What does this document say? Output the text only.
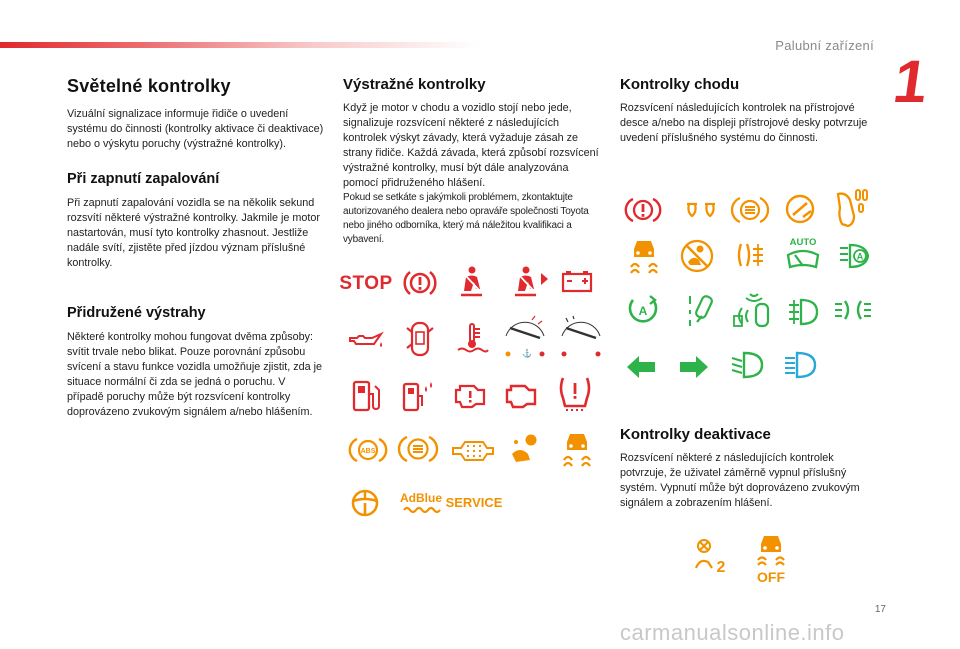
Palubní zařízení
1
Světelné kontrolky

Vizuální signalizace informuje řidiče o uvedení systému do činnosti (kontrolky aktivace či deaktivace) nebo o výskytu poruchy (výstražné kontrolky).

Při zapnutí zapalování

Při zapnutí zapalování vozidla se na několik sekund rozsvítí některé výstražné kontrolky. Jakmile je motor nastartován, musí tyto kontrolky zhasnout. Jestliže nadále svítí, zjistěte před jízdou význam příslušné kontrolky.

Přidružené výstrahy

Některé kontrolky mohou fungovat dvěma způsoby: svítit trvale nebo blikat. Pouze porovnání způsobu svícení a stavu funkce vozidla umožňuje zjistit, zda je situace normální či zda se jedná o poruchu. V případě poruchy může být rozsvícení kontrolky doprovázeno zvukovým signálem a/nebo hlášením.

Výstražné kontrolky

Když je motor v chodu a vozidlo stojí nebo jede, signalizuje rozsvícení některé z následujících kontrolek výskyt závady, která vyžaduje zásah ze strany řidiče. Každá závada, která způsobí rozsvícení výstražné kontrolky, musí být dále analyzována pomocí přidruženého hlášení.

Pokud se setkáte s jakýmkoli problémem, zkontaktujte autorizovaného dealera nebo opraváře společnosti Toyota nebo jiného odborníka, který má náležitou kvalifikaci a vybavení.

Kontrolky chodu

Rozsvícení následujících kontrolek na přístrojové desce a/nebo na displeji přístrojové desky potvrzuje uvedení příslušného systému do činnosti.

Kontrolky deaktivace

Rozsvícení některé z následujících kontrolek potvrzuje, že uživatel záměrně vypnul příslušný systém. Vypnutí může být doprovázeno zvukovým signálem a zobrazením hlášení.

STOP
⚓
ABS
AdBlue SERVICE
AUTO
A
A
2
OFF
17
carmanualsonline.info
